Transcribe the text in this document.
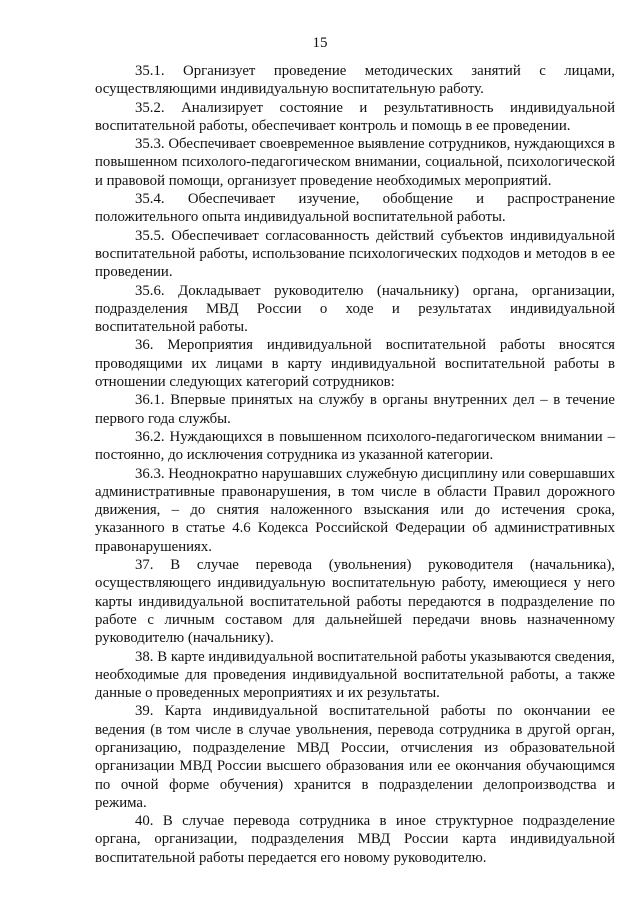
15

35.1. Организует проведение методических занятий с лицами, осуществляющими индивидуальную воспитательную работу.

35.2. Анализирует состояние и результативность индивидуальной воспитательной работы, обеспечивает контроль и помощь в ее проведении.

35.3. Обеспечивает своевременное выявление сотрудников, нуждающихся в повышенном психолого-педагогическом внимании, социальной, психологической и правовой помощи, организует проведение необходимых мероприятий.

35.4. Обеспечивает изучение, обобщение и распространение положительного опыта индивидуальной воспитательной работы.

35.5. Обеспечивает согласованность действий субъектов индивидуальной воспитательной работы, использование психологических подходов и методов в ее проведении.

35.6. Докладывает руководителю (начальнику) органа, организации, подразделения МВД России о ходе и результатах индивидуальной воспитательной работы.

36. Мероприятия индивидуальной воспитательной работы вносятся проводящими их лицами в карту индивидуальной воспитательной работы в отношении следующих категорий сотрудников:

36.1. Впервые принятых на службу в органы внутренних дел – в течение первого года службы.

36.2. Нуждающихся в повышенном психолого-педагогическом внимании – постоянно, до исключения сотрудника из указанной категории.

36.3. Неоднократно нарушавших служебную дисциплину или совершавших административные правонарушения, в том числе в области Правил дорожного движения, – до снятия наложенного взыскания или до истечения срока, указанного в статье 4.6 Кодекса Российской Федерации об административных правонарушениях.

37. В случае перевода (увольнения) руководителя (начальника), осуществляющего индивидуальную воспитательную работу, имеющиеся у него карты индивидуальной воспитательной работы передаются в подразделение по работе с личным составом для дальнейшей передачи вновь назначенному руководителю (начальнику).

38. В карте индивидуальной воспитательной работы указываются сведения, необходимые для проведения индивидуальной воспитательной работы, а также данные о проведенных мероприятиях и их результаты.

39. Карта индивидуальной воспитательной работы по окончании ее ведения (в том числе в случае увольнения, перевода сотрудника в другой орган, организацию, подразделение МВД России, отчисления из образовательной организации МВД России высшего образования или ее окончания обучающимся по очной форме обучения) хранится в подразделении делопроизводства и режима.

40. В случае перевода сотрудника в иное структурное подразделение органа, организации, подразделения МВД России карта индивидуальной воспитательной работы передается его новому руководителю.
